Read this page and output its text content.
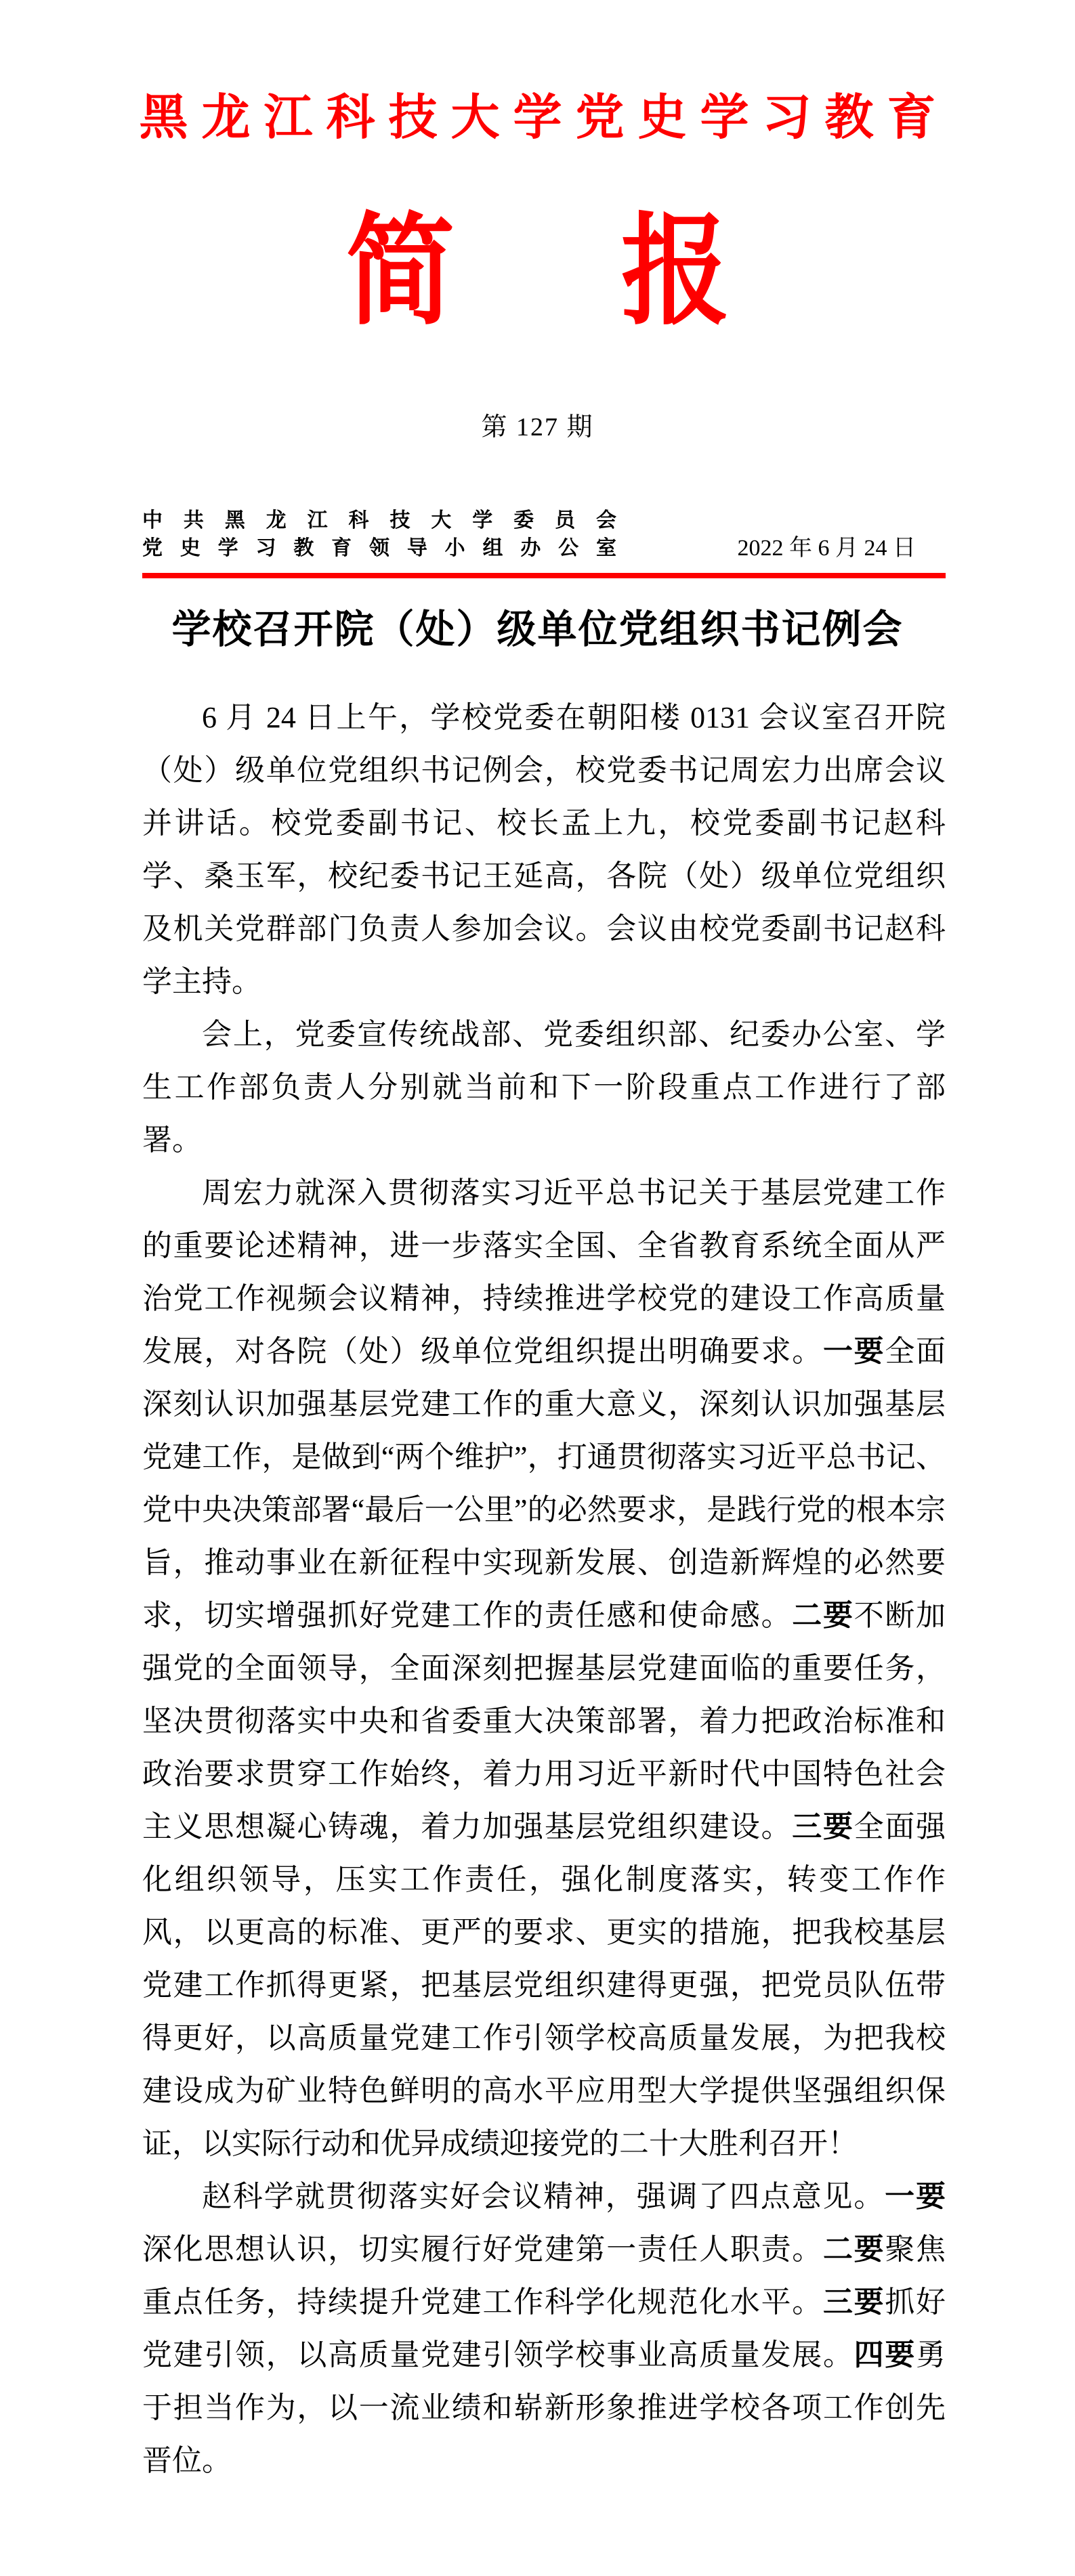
黑龙江科技大学党史学习教育
简 报
第 127 期
中共黑龙江科技大学委员会
党史学习教育领导小组办公室	2022 年 6 月 24 日
学校召开院（处）级单位党组织书记例会

6 月 24 日上午，学校党委在朝阳楼 0131 会议室召开院（处）级单位党组织书记例会，校党委书记周宏力出席会议并讲话。校党委副书记、校长孟上九，校党委副书记赵科学、桑玉军，校纪委书记王延高，各院（处）级单位党组织及机关党群部门负责人参加会议。会议由校党委副书记赵科学主持。

会上，党委宣传统战部、党委组织部、纪委办公室、学生工作部负责人分别就当前和下一阶段重点工作进行了部署。

周宏力就深入贯彻落实习近平总书记关于基层党建工作的重要论述精神，进一步落实全国、全省教育系统全面从严治党工作视频会议精神，持续推进学校党的建设工作高质量发展，对各院（处）级单位党组织提出明确要求。一要全面深刻认识加强基层党建工作的重大意义，深刻认识加强基层党建工作，是做到“两个维护”，打通贯彻落实习近平总书记、党中央决策部署“最后一公里”的必然要求，是践行党的根本宗旨，推动事业在新征程中实现新发展、创造新辉煌的必然要求，切实增强抓好党建工作的责任感和使命感。二要不断加强党的全面领导，全面深刻把握基层党建面临的重要任务，坚决贯彻落实中央和省委重大决策部署，着力把政治标准和政治要求贯穿工作始终，着力用习近平新时代中国特色社会主义思想凝心铸魂，着力加强基层党组织建设。三要全面强化组织领导，压实工作责任，强化制度落实，转变工作作风，以更高的标准、更严的要求、更实的措施，把我校基层党建工作抓得更紧，把基层党组织建得更强，把党员队伍带得更好，以高质量党建工作引领学校高质量发展，为把我校建设成为矿业特色鲜明的高水平应用型大学提供坚强组织保证，以实际行动和优异成绩迎接党的二十大胜利召开！

赵科学就贯彻落实好会议精神，强调了四点意见。一要深化思想认识，切实履行好党建第一责任人职责。二要聚焦重点任务，持续提升党建工作科学化规范化水平。三要抓好党建引领，以高质量党建引领学校事业高质量发展。四要勇于担当作为，以一流业绩和崭新形象推进学校各项工作创先晋位。
